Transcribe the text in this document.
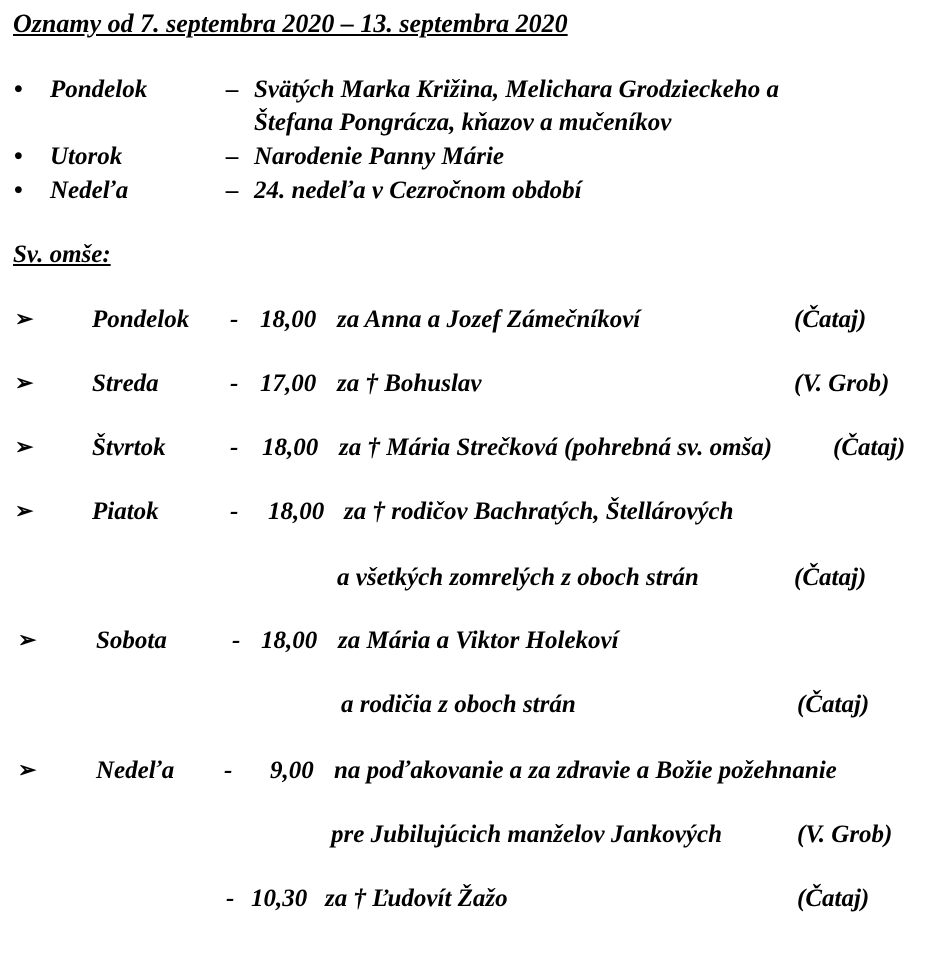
Oznamy od 7. septembra 2020 – 13. septembra 2020
• Pondelok	– Svätých Marka Križina, Melichara Grodzieckeho a
Štefana Pongrácza, kňazov a mučeníkov
• Utorok	– Narodenie Panny Márie
• Nedeľa	– 24. nedeľa v Cezročnom období
Sv. omše:
➢ Pondelok - 18,00 za Anna a Jozef Zámečníkoví	(Čataj)
➢ Streda	- 17,00 za † Bohuslav	(V. Grob)
➢ Štvrtok	- 18,00 za † Mária Strečková (pohrebná sv. omša) (Čataj)
➢ Piatok	- 18,00 za † rodičov Bachratých, Štellárových
a všetkých zomrelých z oboch strán	(Čataj)
➢ Sobota	- 18,00 za Mária a Viktor Holekoví
a rodičia z oboch strán	(Čataj)
➢ Nedeľa - 9,00 na poďakovanie a za zdravie a Božie požehnanie
pre Jubilujúcich manželov Jankových	(V. Grob)
- 10,30 za † Ľudovít Žažo	(Čataj)
